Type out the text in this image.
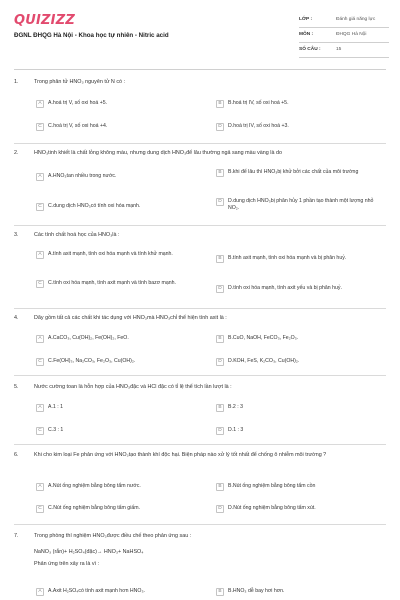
QUIZIZZ
ĐGNL ĐHQG Hà Nội - Khoa học tự nhiên - Nitric acid
LỚP :	Đánh giá năng lực
MÔN :	ĐHQG Hà Nội
SỐ CÂU :	15
1.	Trong phân tử HNO₃ nguyên tử N có :
A	A.hoá trị V, số oxi hoá +5.	B	B.hoá trị IV, số oxi hoá +5.
C	C.hoá trị V, số oxi hoá +4.	D	D.hoá trị IV, số oxi hoá +3.
2.	HNO₃tinh khiết là chất lỏng không màu, nhưng dung dịch HNO₃để lâu thường ngả sang màu vàng là do
A	A.HNO₃tan nhiều trong nước.
B	B.khi để lâu thì HNO₃bị khử bởi các chất của môi trường
C	C.dung dịch HNO₃có tính oxi hóa mạnh.
D	D.dung dịch HNO₃bị phân hủy 1 phần tạo thành một lượng nhỏ NO₂.
3.	Các tính chất hoá học của HNO₃là :
A	A.tính axit mạnh, tính oxi hóa mạnh và tính khử mạnh.
B	B.tính axit mạnh, tính oxi hóa mạnh và bị phân huỷ.
C	C.tính oxi hóa mạnh, tính axit mạnh và tính bazơ mạnh.
D	D.tính oxi hóa mạnh, tính axit yếu và bị phân huỷ.
4.	Dãy gồm tất cả các chất khi tác dụng với HNO₃mà HNO₃chỉ thể hiện tính axit là :
A	A.CaCO₃, Cu(OH)₂, Fe(OH)₂, FeO.	B	B.CuO, NaOH, FeCO₃, Fe₂O₃.
C	C.Fe(OH)₃, Na₂CO₃, Fe₂O₃, Cu(OH)₂.	D	D.KOH, FeS, K₂CO₃, Cu(OH)₂.
5.	Nước cường toan là hỗn hợp của HNO₃đặc và HCl đặc có tỉ lệ thể tích lần lượt là :
A	A.1 : 1	B	B.2 : 3
C	C.3 : 1	D	D.1 : 3
6.	Khi cho kim loại Fe phản ứng với HNO₃tạo thành khí độc hại. Biện pháp nào xử lý tốt nhất để chống ô nhiễm môi trường ?
A	A.Nút ống nghiệm bằng bông tẩm nước.	B	B.Nút ống nghiệm bằng bông tẩm cồn
C	C.Nút ống nghiệm bằng bông tẩm giấm.	D	D.Nút ống nghiệm bằng bông tẩm xút.
7.	Trong phòng thí nghiệm HNO₃được điều chế theo phản ứng sau :
NaNO₃ (rắn)+ H₂SO₄(đặc)→ HNO₃+ NaHSO₄
Phản ứng trên xảy ra là vì :
A	A.Axit H₂SO₄có tính axit mạnh hơn HNO₃.	B	B.HNO₃ dễ bay hơi hơn.
